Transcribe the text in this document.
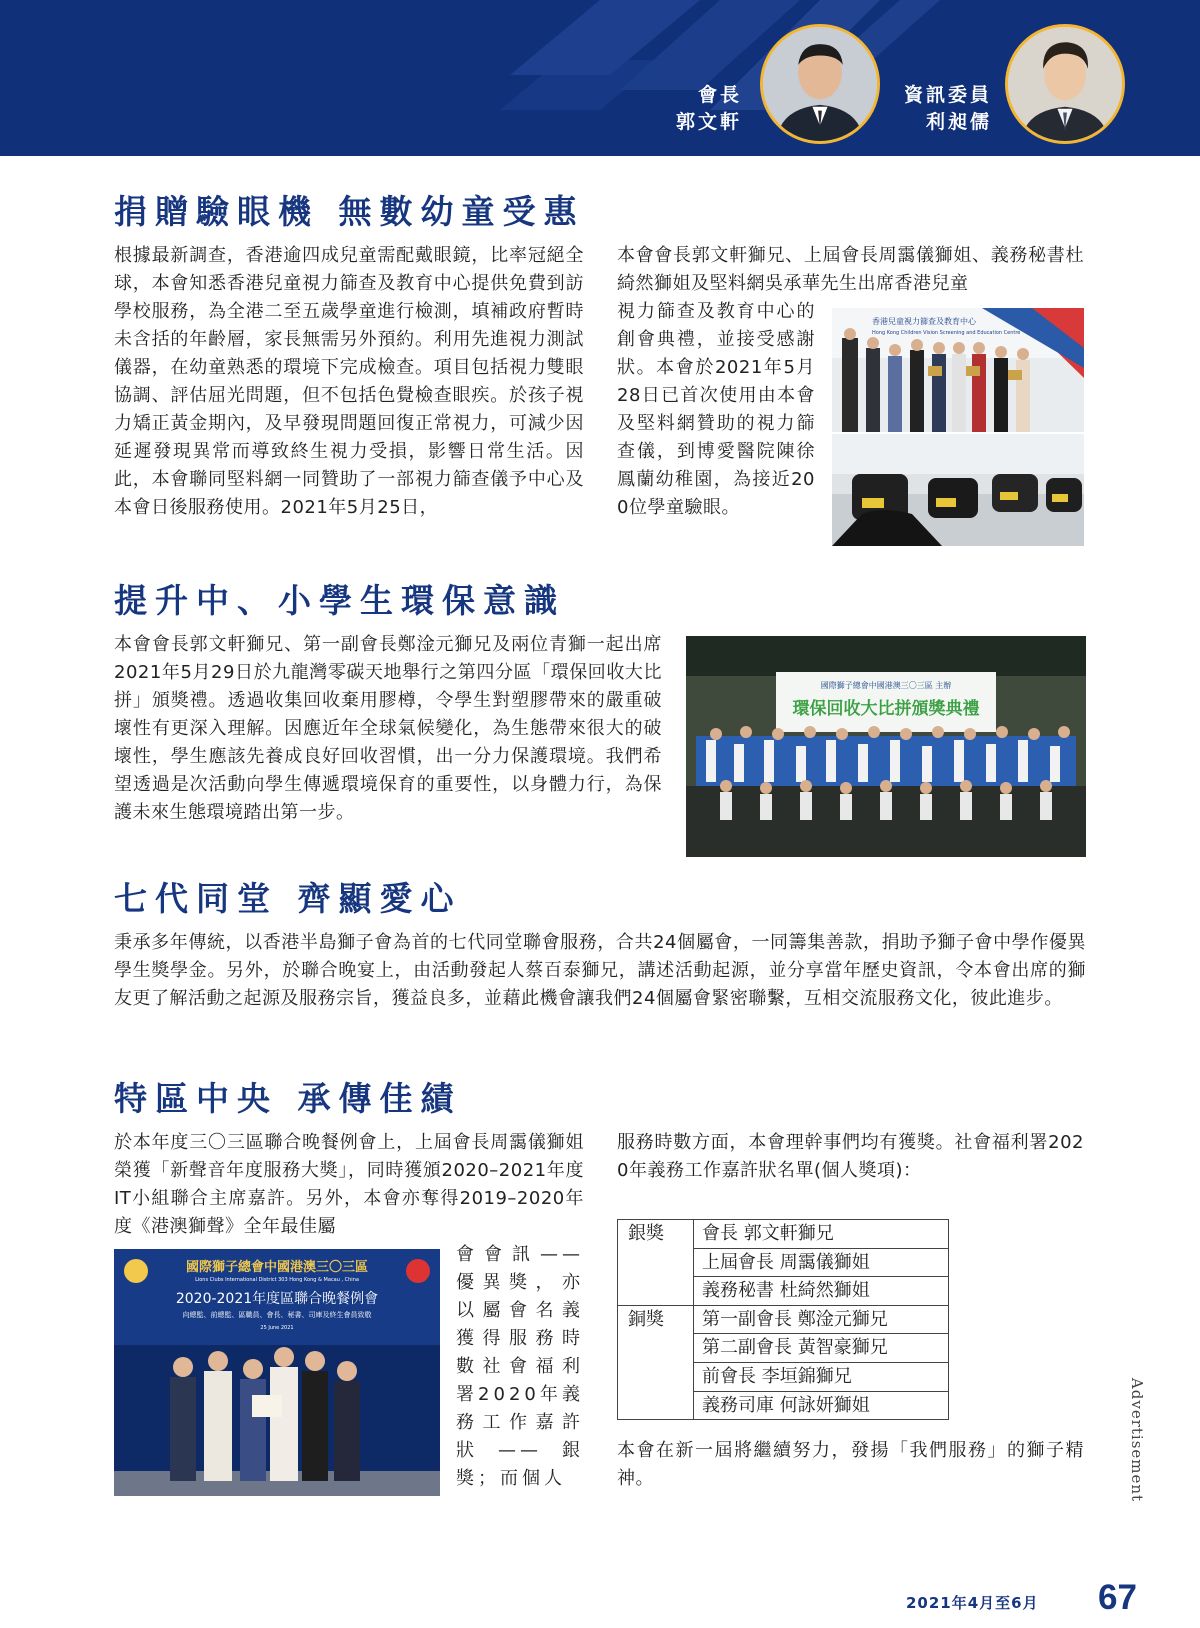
會長
郭文軒
資訊委員
利昶儒
捐贈驗眼機 無數幼童受惠

根據最新調查，香港逾四成兒童需配戴眼鏡，比率冠絕全球，本會知悉香港兒童視力篩查及教育中心提供免費到訪學校服務，為全港二至五歲學童進行檢測，填補政府暫時未含括的年齡層，家長無需另外預約。利用先進視力測試儀器，在幼童熟悉的環境下完成檢查。項目包括視力雙眼協調、評估屈光問題，但不包括色覺檢查眼疾。於孩子視力矯正黃金期內，及早發現問題回復正常視力，可減少因延遲發現異常而導致終生視力受損，影響日常生活。因此，本會聯同堅料網一同贊助了一部視力篩查儀予中心及本會日後服務使用。2021年5月25日，

本會會長郭文軒獅兄、上屆會長周靄儀獅姐、義務秘書杜綺然獅姐及堅料網吳承華先生出席香港兒童

視力篩查及教育中心的創會典禮，並接受感謝狀。本會於2021年5月28日已首次使用由本會及堅料網贊助的視力篩查儀，到博愛醫院陳徐鳳蘭幼稚園，為接近200位學童驗眼。

香港兒童視力篩查及教育中心
Hong Kong Children Vision Screening and Education Centre
提升中、小學生環保意識

本會會長郭文軒獅兄、第一副會長鄭淦元獅兄及兩位青獅一起出席2021年5月29日於九龍灣零碳天地舉行之第四分區「環保回收大比拼」頒獎禮。透過收集回收棄用膠樽，令學生對塑膠帶來的嚴重破壞性有更深入理解。因應近年全球氣候變化，為生態帶來很大的破壞性，學生應該先養成良好回收習慣，出一分力保護環境。我們希望透過是次活動向學生傳遞環境保育的重要性，以身體力行，為保護未來生態環境踏出第一步。

國際獅子總會中國港澳三〇三區 主辦
環保回收大比拼頒獎典禮
七代同堂 齊顯愛心

秉承多年傳統，以香港半島獅子會為首的七代同堂聯會服務，合共24個屬會，一同籌集善款，捐助予獅子會中學作優異學生獎學金。另外，於聯合晚宴上，由活動發起人蔡百泰獅兄，講述活動起源，並分享當年歷史資訊，令本會出席的獅友更了解活動之起源及服務宗旨，獲益良多，並藉此機會讓我們24個屬會緊密聯繫，互相交流服務文化，彼此進步。

特區中央 承傳佳績

於本年度三〇三區聯合晚餐例會上，上屆會長周靄儀獅姐榮獲「新聲音年度服務大獎」，同時獲頒2020–2021年度IT小組聯合主席嘉許。另外，本會亦奪得2019–2020年度《港澳獅聲》全年最佳屬

國際獅子總會中國港澳三〇三區
Lions Clubs International District 303 Hong Kong & Macau , China
2020-2021年度區聯合晚餐例會
向總監、前總監、區職員、會長、秘書、司庫及終生會員致敬
25 June 2021

會會訊——優異獎，亦以屬會名義獲得服務時數社會福利署2020年義務工作嘉許狀——銀獎；而個人

服務時數方面，本會理幹事們均有獲獎。社會福利署2020年義務工作嘉許狀名單(個人獎項)：

銀獎	會長 郭文軒獅兄
	上屆會長 周靄儀獅姐
	義務秘書 杜綺然獅姐
銅獎	第一副會長 鄭淦元獅兄
	第二副會長 黃智豪獅兄
	前會長 李垣錦獅兄
	義務司庫 何詠妍獅姐

本會在新一屆將繼續努力，發揚「我們服務」的獅子精神。	Advertisement
2021年4月至6月 67
